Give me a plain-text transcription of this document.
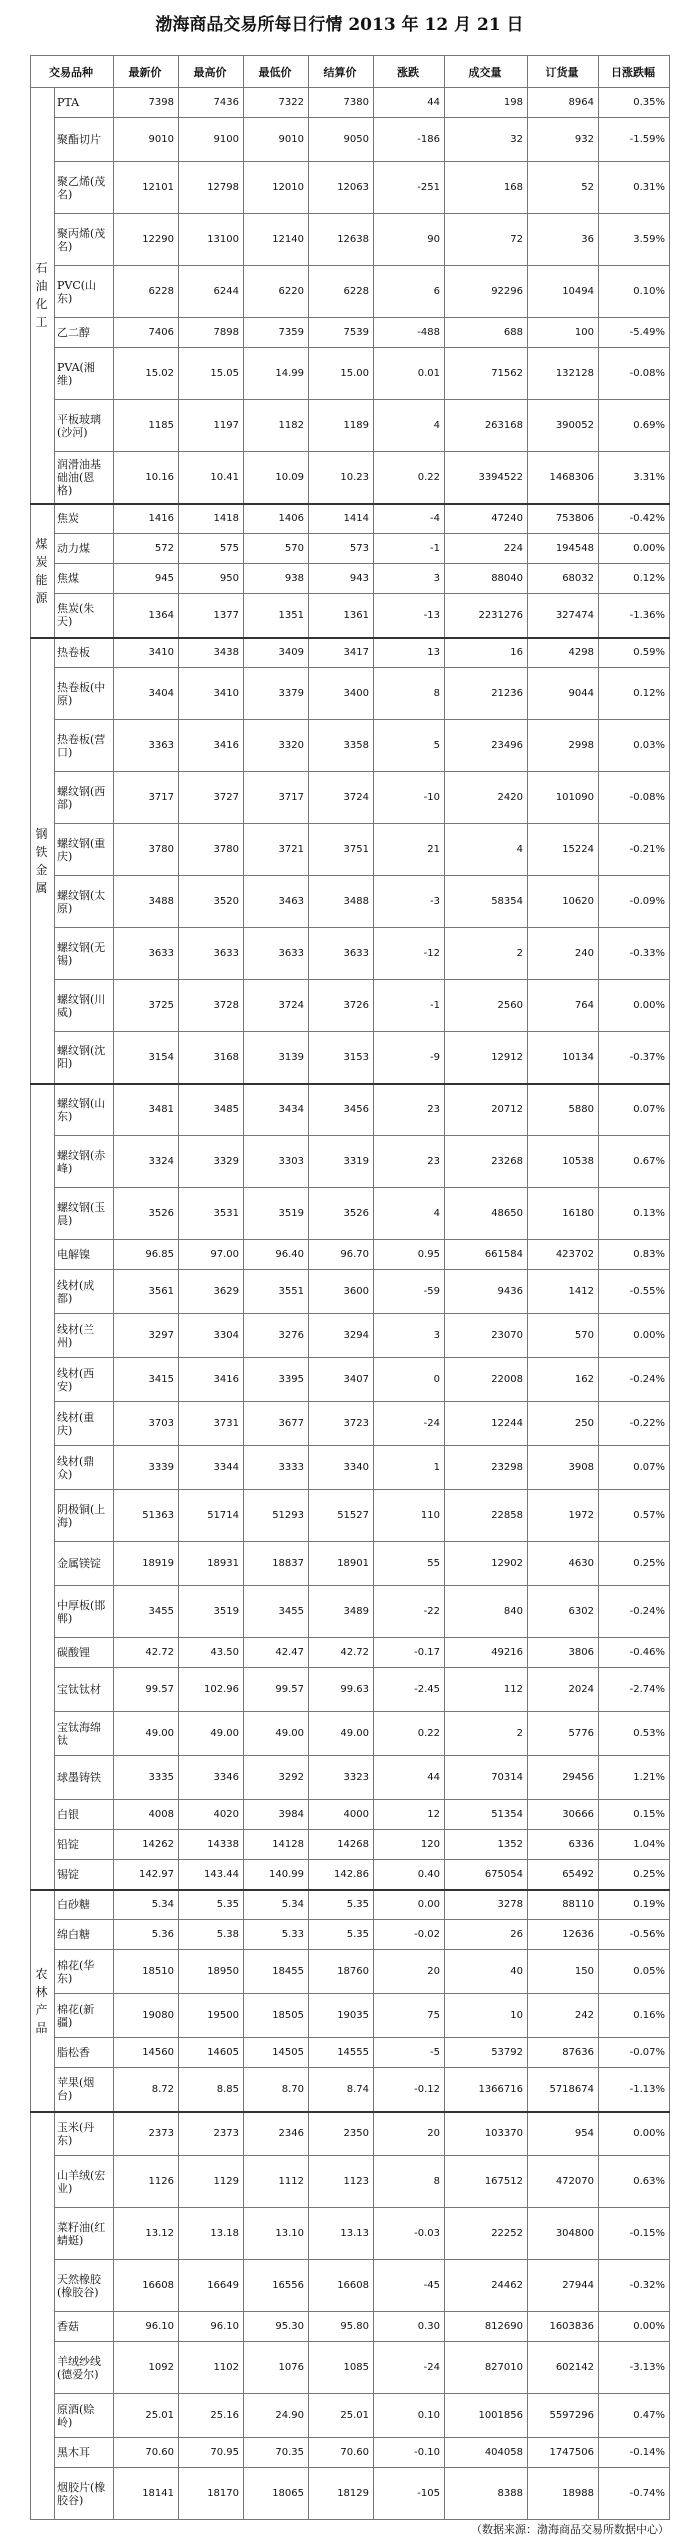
渤海商品交易所每日行情 2013 年 12 月 21 日
交易品种		最新价	最高价	最低价	结算价	涨跌	成交量	订货量	日涨跌幅
石油化工	PTA	7398	7436	7322	7380	44	198	8964	0.35%
	聚酯切片	9010	9100	9010	9050	-186	32	932	-1.59%
	聚乙烯(茂名)	12101	12798	12010	12063	-251	168	52	0.31%
	聚丙烯(茂名)	12290	13100	12140	12638	90	72	36	3.59%
	PVC(山东)	6228	6244	6220	6228	6	92296	10494	0.10%
	乙二醇	7406	7898	7359	7539	-488	688	100	-5.49%
	PVA(湘维)	15.02	15.05	14.99	15.00	0.01	71562	132128	-0.08%
	平板玻璃(沙河)	1185	1197	1182	1189	4	263168	390052	0.69%
	润滑油基础油(恩格)	10.16	10.41	10.09	10.23	0.22	3394522	1468306	3.31%
煤炭能源	焦炭	1416	1418	1406	1414	-4	47240	753806	-0.42%
	动力煤	572	575	570	573	-1	224	194548	0.00%
	焦煤	945	950	938	943	3	88040	68032	0.12%
	焦炭(朱天)	1364	1377	1351	1361	-13	2231276	327474	-1.36%
钢铁金属	热卷板	3410	3438	3409	3417	13	16	4298	0.59%
	热卷板(中原)	3404	3410	3379	3400	8	21236	9044	0.12%
	热卷板(营口)	3363	3416	3320	3358	5	23496	2998	0.03%
	螺纹钢(西部)	3717	3727	3717	3724	-10	2420	101090	-0.08%
	螺纹钢(重庆)	3780	3780	3721	3751	21	4	15224	-0.21%
	螺纹钢(太原)	3488	3520	3463	3488	-3	58354	10620	-0.09%
	螺纹钢(无锡)	3633	3633	3633	3633	-12	2	240	-0.33%
	螺纹钢(川威)	3725	3728	3724	3726	-1	2560	764	0.00%
	螺纹钢(沈阳)	3154	3168	3139	3153	-9	12912	10134	-0.37%
	螺纹钢(山东)	3481	3485	3434	3456	23	20712	5880	0.07%
	螺纹钢(赤峰)	3324	3329	3303	3319	23	23268	10538	0.67%
	螺纹钢(玉晨)	3526	3531	3519	3526	4	48650	16180	0.13%
	电解镍	96.85	97.00	96.40	96.70	0.95	661584	423702	0.83%
	线材(成都)	3561	3629	3551	3600	-59	9436	1412	-0.55%
	线材(兰州)	3297	3304	3276	3294	3	23070	570	0.00%
	线材(西安)	3415	3416	3395	3407	0	22008	162	-0.24%
	线材(重庆)	3703	3731	3677	3723	-24	12244	250	-0.22%
	线材(鼎众)	3339	3344	3333	3340	1	23298	3908	0.07%
	阴极铜(上海)	51363	51714	51293	51527	110	22858	1972	0.57%
	金属镁锭	18919	18931	18837	18901	55	12902	4630	0.25%
	中厚板(邯郸)	3455	3519	3455	3489	-22	840	6302	-0.24%
	碳酸锂	42.72	43.50	42.47	42.72	-0.17	49216	3806	-0.46%
	宝钛钛材	99.57	102.96	99.57	99.63	-2.45	112	2024	-2.74%
	宝钛海绵钛	49.00	49.00	49.00	49.00	0.22	2	5776	0.53%
	球墨铸铁	3335	3346	3292	3323	44	70314	29456	1.21%
	白银	4008	4020	3984	4000	12	51354	30666	0.15%
	铅锭	14262	14338	14128	14268	120	1352	6336	1.04%
	锡锭	142.97	143.44	140.99	142.86	0.40	675054	65492	0.25%
农林产品	白砂糖	5.34	5.35	5.34	5.35	0.00	3278	88110	0.19%
	绵白糖	5.36	5.38	5.33	5.35	-0.02	26	12636	-0.56%
	棉花(华东)	18510	18950	18455	18760	20	40	150	0.05%
	棉花(新疆)	19080	19500	18505	19035	75	10	242	0.16%
	脂松香	14560	14605	14505	14555	-5	53792	87636	-0.07%
	苹果(烟台)	8.72	8.85	8.70	8.74	-0.12	1366716	5718674	-1.13%
	玉米(丹东)	2373	2373	2346	2350	20	103370	954	0.00%
	山羊绒(宏业)	1126	1129	1112	1123	8	167512	472070	0.63%
	菜籽油(红蜻蜓)	13.12	13.18	13.10	13.13	-0.03	22252	304800	-0.15%
	天然橡胶(橡胶谷)	16608	16649	16556	16608	-45	24462	27944	-0.32%
	香菇	96.10	96.10	95.30	95.80	0.30	812690	1603836	0.00%
	羊绒纱线(德爱尔)	1092	1102	1076	1085	-24	827010	602142	-3.13%
	原酒(赊岭)	25.01	25.16	24.90	25.01	0.10	1001856	5597296	0.47%
	黑木耳	70.60	70.95	70.35	70.60	-0.10	404058	1747506	-0.14%
	烟胶片(橡胶谷)	18141	18170	18065	18129	-105	8388	18988	-0.74%
（数据来源：渤海商品交易所数据中心）
